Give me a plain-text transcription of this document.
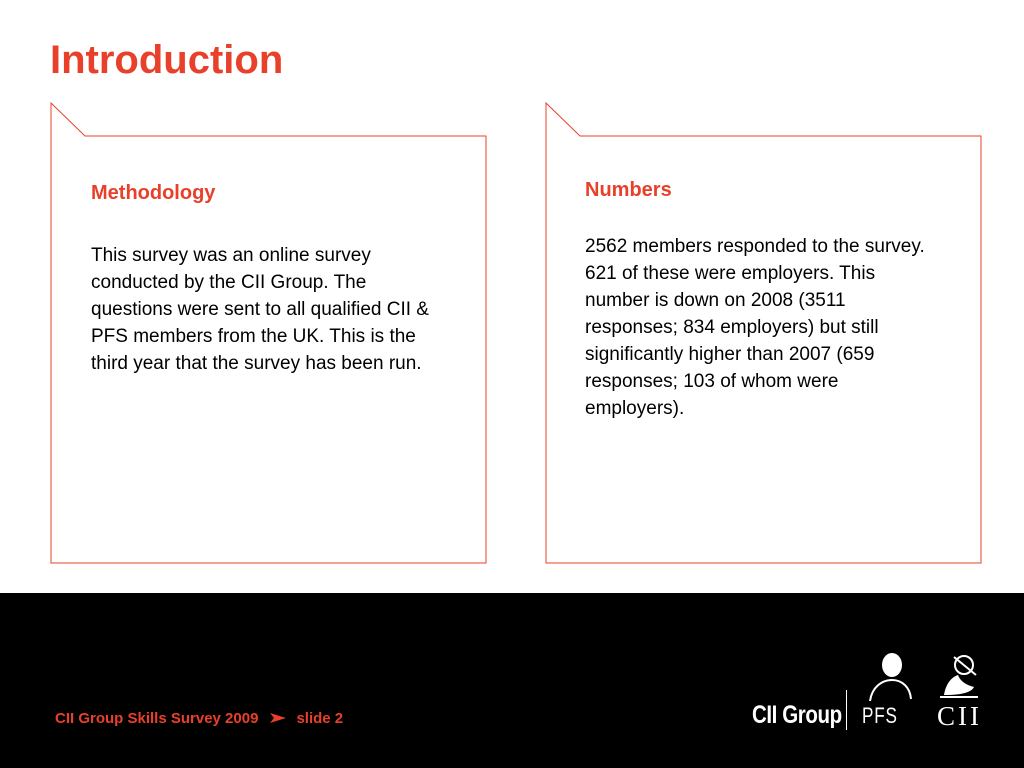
Introduction
Methodology

This survey was an online survey conducted by the CII Group. The questions were sent to all qualified CII & PFS members from the UK. This is the third year that the survey has been run.

Numbers

2562 members responded to the survey. 621 of these were employers. This number is down on 2008 (3511 responses; 834 employers) but still significantly higher than 2007 (659 responses; 103 of whom were employers).

CII Group Skills Survey 2009	slide 2	CII Group PFS CII
